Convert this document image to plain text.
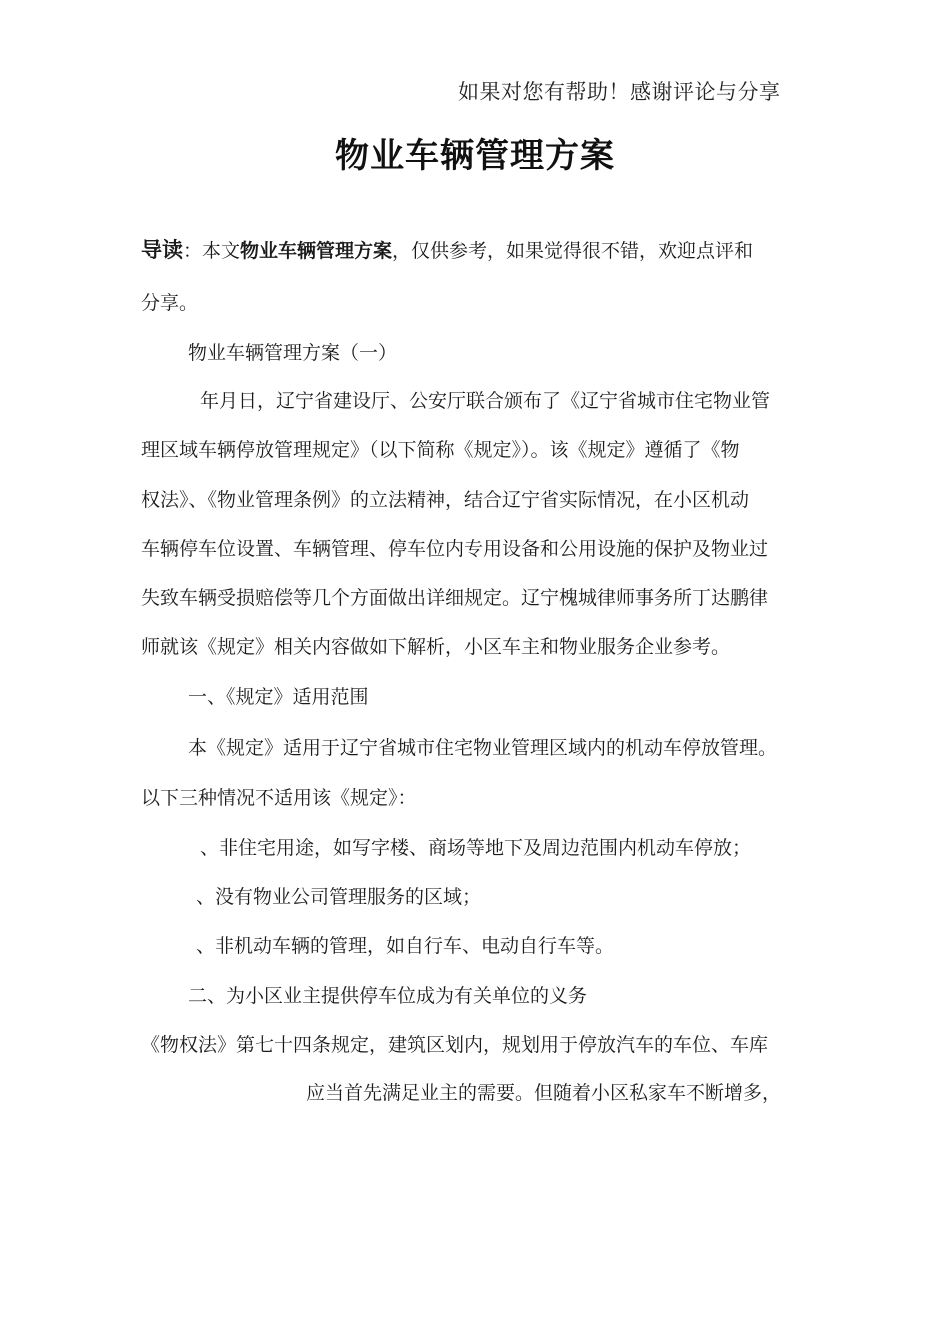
如果对您有帮助！感谢评论与分享
物业车辆管理方案
导读：本文物业车辆管理方案，仅供参考，如果觉得很不错，欢迎点评和
分享。
物业车辆管理方案（一）
年月日，辽宁省建设厅、公安厅联合颁布了《辽宁省城市住宅物业管
理区域车辆停放管理规定》（以下简称《规定》）。该《规定》遵循了《物
权法》、《物业管理条例》的立法精神，结合辽宁省实际情况，在小区机动
车辆停车位设置、车辆管理、停车位内专用设备和公用设施的保护及物业过
失致车辆受损赔偿等几个方面做出详细规定。辽宁槐城律师事务所丁达鹏律
师就该《规定》相关内容做如下解析，小区车主和物业服务企业参考。
一、《规定》适用范围
本《规定》适用于辽宁省城市住宅物业管理区域内的机动车停放管理。
以下三种情况不适用该《规定》：
、非住宅用途，如写字楼、商场等地下及周边范围内机动车停放；
、没有物业公司管理服务的区域；
、非机动车辆的管理，如自行车、电动自行车等。
二、为小区业主提供停车位成为有关单位的义务
《物权法》第七十四条规定，建筑区划内，规划用于停放汽车的车位、车库
应当首先满足业主的需要。但随着小区私家车不断增多，
